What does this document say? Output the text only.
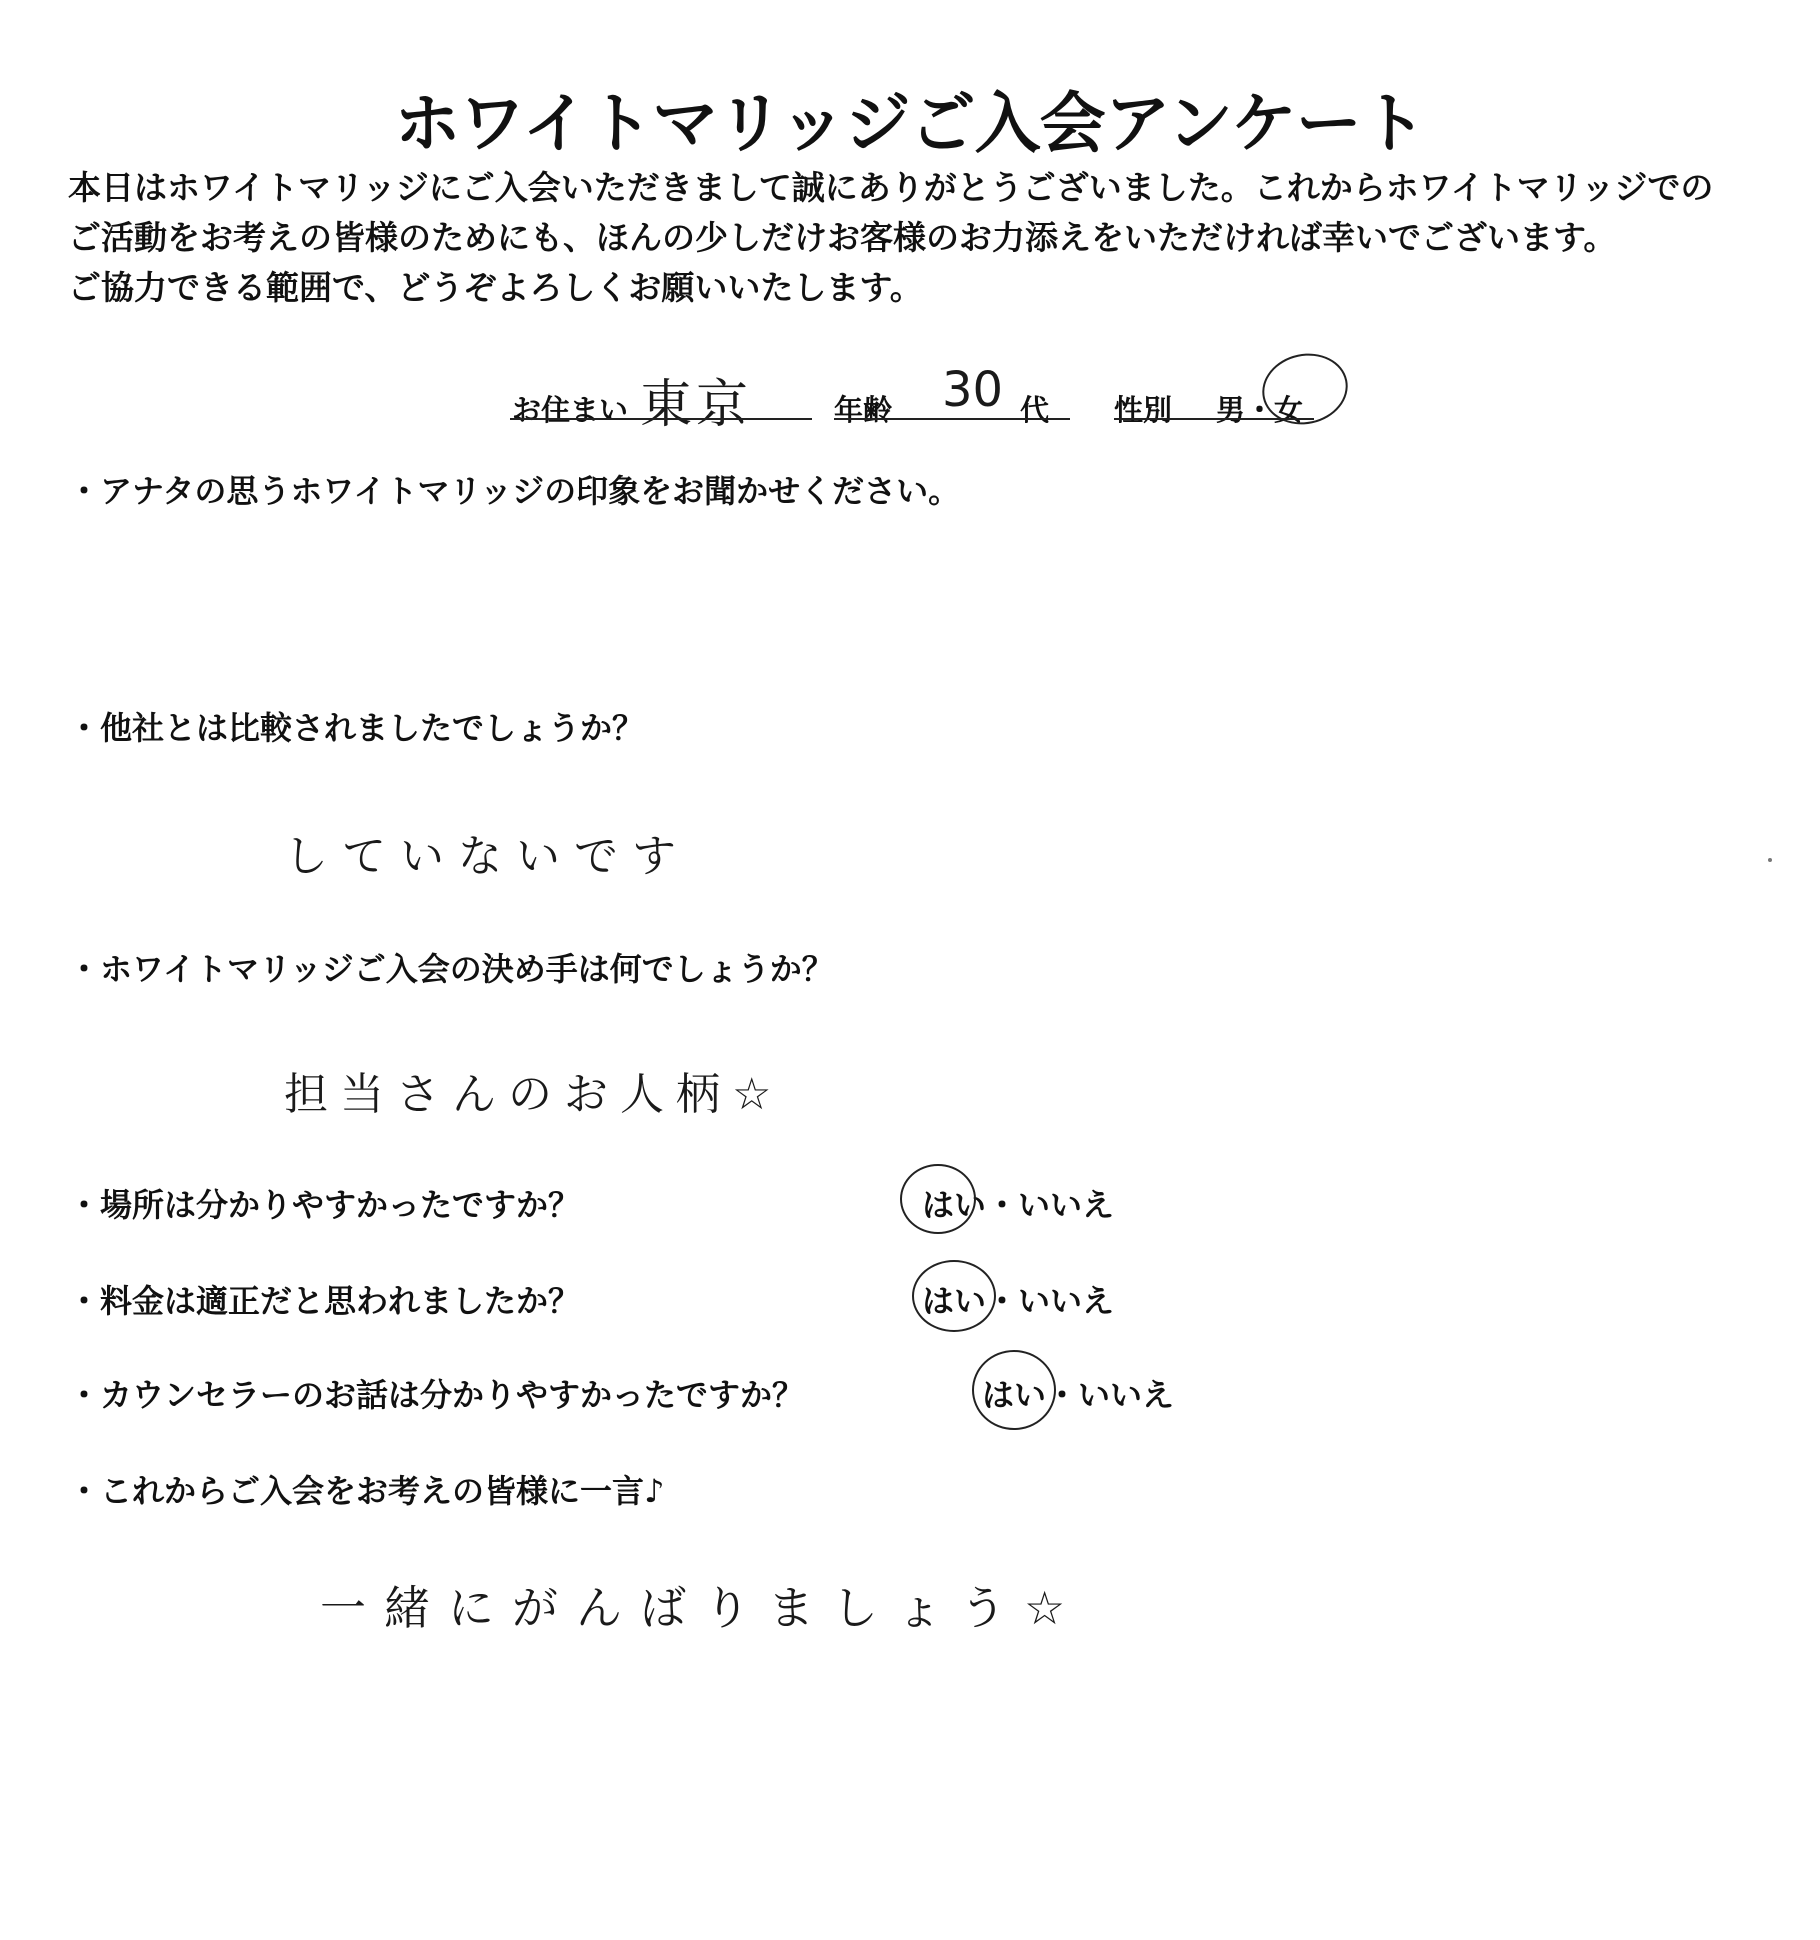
ホワイトマリッジご入会アンケート
本日はホワイトマリッジにご入会いただきまして誠にありがとうございました。これからホワイトマリッジでの
ご活動をお考えの皆様のためにも、ほんの少しだけお客様のお力添えをいただければ幸いでございます。
ご協力できる範囲で、どうぞよろしくお願いいたします。
お住まい 東京	年齢 30 代 性別 男・女
・アナタの思うホワイトマリッジの印象をお聞かせください。
・他社とは比較されましたでしょうか？
していないです
・ホワイトマリッジご入会の決め手は何でしょうか？
担当さんのお人柄☆
・場所は分かりやすかったですか？	はい・いいえ
・料金は適正だと思われましたか？	はい・いいえ
・カウンセラーのお話は分かりやすかったですか？	はい・いいえ
・これからご入会をお考えの皆様に一言♪
一緒にがんばりましょう☆
